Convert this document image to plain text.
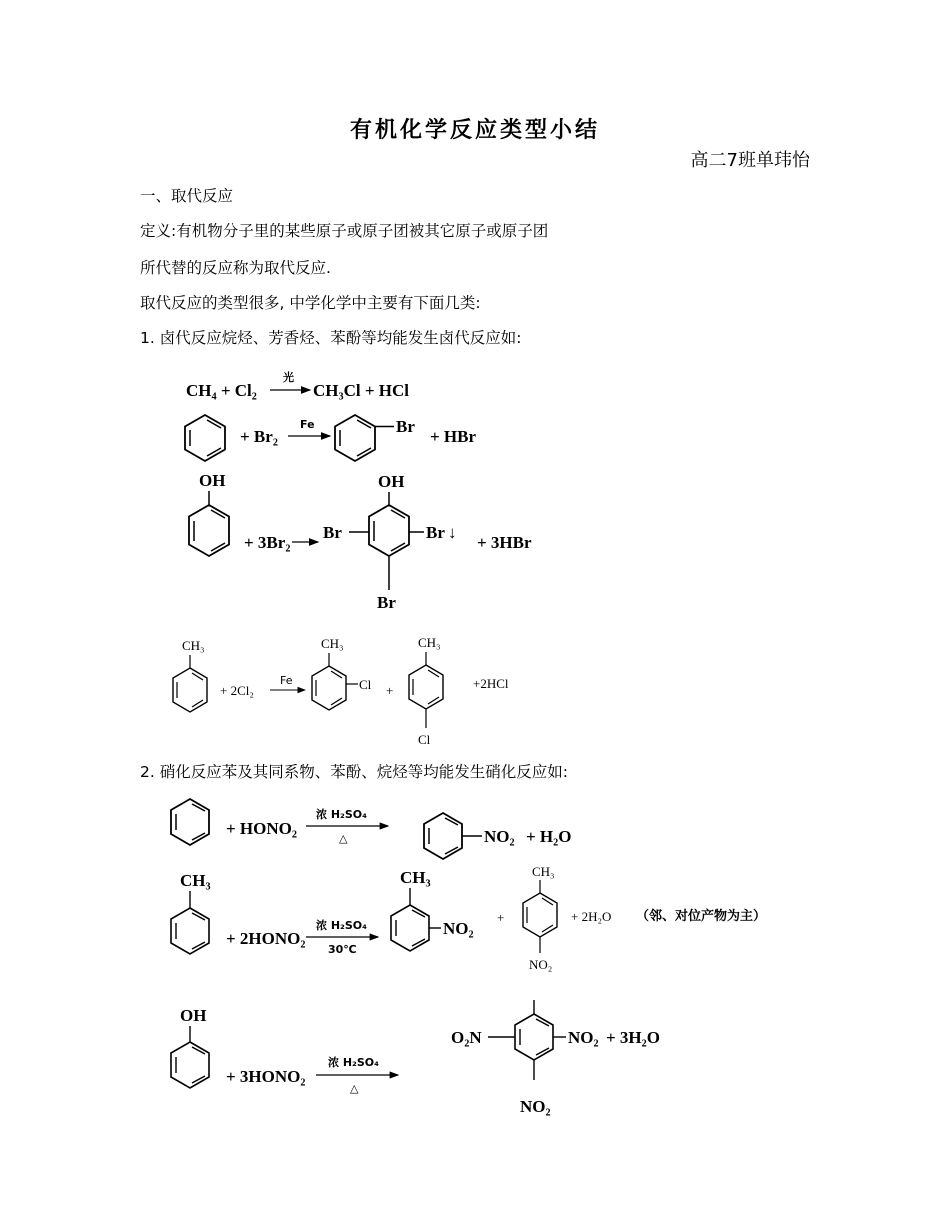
有机化学反应类型小结
高二7班单玮怡
一、取代反应
定义:有机物分子里的某些原子或原子团被其它原子或原子团
所代替的反应称为取代反应.
取代反应的类型很多, 中学化学中主要有下面几类:
1. 卤代反应烷烃、芳香烃、苯酚等均能发生卤代反应如:
2. 硝化反应苯及其同系物、苯酚、烷烃等均能发生硝化反应如:
CH₄ + Cl₂
光
CH₃Cl + HCl
+ Br₂
Fe	Br
+ HBr
OH
+ 3Br₂
Br
OH
Br ↓
Br
+ 3HBr
CH₃
+ 2Cl₂
Fe
CH₃
Cl +
CH₃
Cl
+2HCl
+ HONO₂
浓 H₂SO₄
△	NO₂ + H₂O
CH₃
+ 2HONO₂
浓 H₂SO₄
30℃
CH₃
NO₂
+
CH₃
NO₂
+ 2H₂O （邻、对位产物为主）
OH
+ 3HONO₂
浓 H₂SO₄
△
O₂N	NO₂
NO₂
+ 3H₂O
